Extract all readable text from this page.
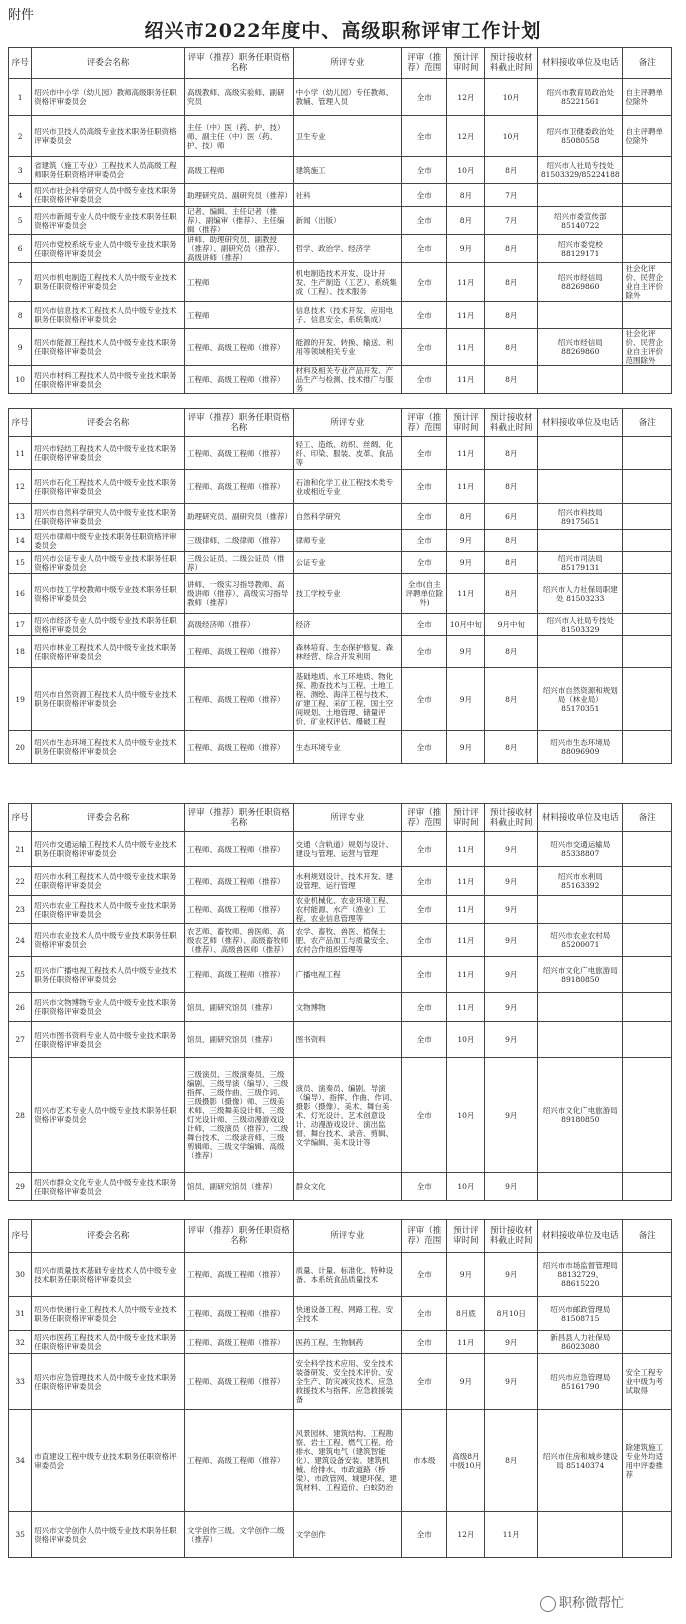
附件
绍兴市2022年度中、高级职称评审工作计划
序号	评委会名称	评审（推荐）职务任职资格名称	所评专业	评审（推荐）范围	预计评审时间	预计接收材料截止时间	材料接收单位及电话	备注
1	绍兴市中小学（幼儿园）教师高级职务任职资格评审委员会	高级教师、高级实验师、副研究员	中小学（幼儿园）专任教师、教辅、管理人员	全市	12月	10月	绍兴市教育局政治处 85221561	自主评聘单位除外
2	绍兴市卫技人员高级专业技术职务任职资格评审委员会	主任（中）医（药、护、技）师、副主任（中）医（药、护、技）师	卫生专业	全市	12月	10月	绍兴市卫健委政治处 85080558	自主评聘单位除外
3	省建筑（施工专业）工程技术人员高级工程师职务任职资格评审委员会	高级工程师	建筑施工	全市	10月	8月	绍兴市人社局专技处 81503329/85224188	
4	绍兴市社会科学研究人员中级专业技术职务任职资格评审委员会	助理研究员、副研究员（推荐）	社科	全市	8月	7月		
5	绍兴市新闻专业人员中级专业技术职务任职资格评审委员会	记者、编辑、主任记者（推荐）、副编审（推荐）、主任编辑（推荐）	新闻（出版）	全市	8月	7月	绍兴市委宣传部 85140722	
6	绍兴市党校系统专业人员中级专业技术职务任职资格评审委员会	讲师、助理研究员、副教授（推荐）、副研究员（推荐）、高级讲师（推荐）	哲学、政治学、经济学	全市	9月	8月	绍兴市委党校 88129171	
7	绍兴市机电制造工程技术人员中级专业技术职务任职资格评审委员会	工程师	机电制造技术开发、设计开发、生产制造（工艺）、系统集成（工程）、技术服务	全市	11月	8月	绍兴市经信局 88269860	社会化评价、民营企业自主评价除外
8	绍兴市信息技术工程技术人员中级专业技术职务任职资格评审委员会	工程师	信息技术（技术开发、应用电子、信息安全、系统集成）	全市	11月	8月		
9	绍兴市能源工程技术人员中级专业技术职务任职资格评审委员会	工程师、高级工程师（推荐）	能源的开发、转换、输送、利用等领域相关专业	全市	11月	8月	绍兴市经信局 88269860	社会化评价、民营企业自主评价范围除外
10	绍兴市材料工程技术人员中级专业技术职务任职资格评审委员会	工程师、高级工程师（推荐）	材料及相关专业产品开发、产品生产与检测、技术推广与服务	全市	11月	8月		
序号	评委会名称	评审（推荐）职务任职资格名称	所评专业	评审（推荐）范围	预计评审时间	预计接收材料截止时间	材料接收单位及电话	备注
11	绍兴市轻纺工程技术人员中级专业技术职务任职资格评审委员会	工程师、高级工程师（推荐）	轻工、造纸、纺织、丝绸、化纤、印染、服装、皮革、食品等	全市	11月	8月		
12	绍兴市石化工程技术人员中级专业技术职务任职资格评审委员会	工程师、高级工程师（推荐）	石油和化学工业工程技术类专业或相近专业	全市	11月	8月		
13	绍兴市自然科学研究人员中级专业技术职务任职资格评审委员会	助理研究员、副研究员（推荐）	自然科学研究	全市	8月	6月	绍兴市科技局 89175651	
14	绍兴市律师中级专业技术职务任职资格评审委员会	三级律师、二级律师（推荐）	律师专业	全市	9月	8月		
15	绍兴市公证专业人员中级专业技术职务任职资格评审委员会	三级公证员、二级公证员（推荐）	公证专业	全市	9月	8月	绍兴市司法局 85179131	
16	绍兴市技工学校教师中级专业技术职务任职资格评审委员会	讲师、一级实习指导教师、高级讲师（推荐）、高级实习指导教师（推荐）	技工学校专业	全市(自主评聘单位除外)	11月	8月	绍兴市人力社保局职建处 81503233	
17	绍兴市经济专业人员中级专业技术职务任职资格评审委员会	高级经济师（推荐）	经济	全市	10月中旬	9月中旬	绍兴市人社局专技处 81503329	
18	绍兴市林业工程技术人员中级专业技术职务任职资格评审委员会	工程师、高级工程师（推荐）	森林培育、生态保护修复、森林经营、综合开发利用	全市	9月	8月		
19	绍兴市自然资源工程技术人员中级专业技术职务任职资格评审委员会	工程师、高级工程师（推荐）	基础地质、水工环地质、物化探、勘查技术与工程、土地工程、测绘、海洋工程与技术、矿建工程、采矿工程、国土空间规划、土地管理、储量评价、矿业权评估、爆破工程	全市	9月	8月	绍兴市自然资源和规划局（林业局）85170351	
20	绍兴市生态环境工程技术人员中级专业技术职务任职资格评审委员会	工程师、高级工程师（推荐）	生态环境专业	全市	9月	8月	绍兴市生态环境局 88096909	
序号	评委会名称	评审（推荐）职务任职资格名称	所评专业	评审（推荐）范围	预计评审时间	预计接收材料截止时间	材料接收单位及电话	备注
21	绍兴市交通运输工程技术人员中级专业技术职务任职资格评审委员会	工程师、高级工程师（推荐）	交通（含轨道）规划与设计、建设与管理、运营与管理	全市	11月	9月	绍兴市交通运输局 85338807	
22	绍兴市水利工程技术人员中级专业技术职务任职资格评审委员会	工程师、高级工程师（推荐）	水利规划设计、技术开发、建设管理、运行管理	全市	11月	9月	绍兴市水利局 85163392	
23	绍兴市农业工程技术人员中级专业技术职务任职资格评审委员会	工程师、高级工程师（推荐）	农业机械化、农业环境工程、农村能源、水产（渔业）工程、农业信息管理等	全市	11月	9月		
24	绍兴市农业技术人员中级专业技术职务任职资格评审委员会	农艺师、畜牧师、兽医师、高级农艺师（推荐）、高级畜牧师（推荐）、高级兽医师（推荐）	农学、畜牧、兽医、植保土肥、农产品加工与质量安全、农村合作组织管理等	全市	11月	9月	绍兴市农业农村局 85200071	
25	绍兴市广播电视工程技术人员中级专业技术职务任职资格评审委员会	工程师、高级工程师（推荐）	广播电视工程	全市	11月	9月	绍兴市文化广电旅游局 89180850	
26	绍兴市文物博物专业人员中级专业技术职务任职资格评审委员会	馆员、副研究馆员（推荐）	文物博物	全市	11月	9月		
27	绍兴市图书资料专业人员中级专业技术职务任职资格评审委员会	馆员、副研究馆员（推荐）	图书资料	全市	10月	9月		
28	绍兴市艺术专业人员中级专业技术职务任职资格评审委员会	三级演员、三级演奏员、三级编剧、三级导演（编导）、三级指挥、三级作曲、三级作词、三级摄影（摄像）师、三级美术师、三级舞美设计师、三级灯光设计师、三级动漫游戏设计师、二级演员（推荐）、二级舞台技术、二级录音师、三级剪辑师、三级文学编辑、高级（推荐）	演员、演奏员、编剧、导演（编导）、指挥、作曲、作词、摄影（摄像）、美术、舞台美术、灯光设计、艺术创意设计、动漫游戏设计、演出监督、舞台技术、录音、剪辑、文学编辑、美术设计等	全市	10月	9月	绍兴市文化广电旅游局 89180850	
29	绍兴市群众文化专业人员中级专业技术职务任职资格评审委员会	馆员、副研究馆员（推荐）	群众文化	全市	10月	9月		
序号	评委会名称	评审（推荐）职务任职资格名称	所评专业	评审（推荐）范围	预计评审时间	预计接收材料截止时间	材料接收单位及电话	备注
30	绍兴市质量技术基础专业技术人员中级专业技术职务任职资格评审委员会	工程师、高级工程师（推荐）	质量、计量、标准化、特种设备、本系统食品质量技术	全市	9月	9月	绍兴市市场监督管理局 88132729、88615220	
31	绍兴市快递行业工程技术人员中级专业技术职务任职资格评审委员会	工程师、高级工程师（推荐）	快递设备工程、网路工程、安全技术	全市	8月底	8月10日	绍兴市邮政管理局 81508715	
32	绍兴市医药工程技术人员中级专业技术职务任职资格评审委员会	工程师、高级工程师（推荐）	医药工程、生物制药	全市	11月	9月	新昌县人力社保局 86023080	
33	绍兴市应急管理技术人员中级专业技术职务任职资格评审委员会	工程师、高级工程师（推荐）	安全科学技术应用、安全技术装备研发、安全技术评价、安全生产、防灾减灾技术、应急救援技术与指挥、应急救援装备	全市	9月	9月	绍兴市应急管理局 85161790	安全工程专业中级为考试取得
34	市直建设工程中级专业技术职务任职资格评审委员会	工程师、高级工程师（推荐）	风景园林、建筑结构、工程勘察、岩土工程、燃气工程、给排水、建筑电气（建筑智能化）、建筑设备安装、建筑机械、给排水、市政道路（桥梁）、市政管网、城建环保、建筑材料、工程造价、白蚁防治	市本级	高级8月 中级10月	8月	绍兴市住房和城乡建设局 85140374	除建筑施工专业外均适用中评委推荐
35	绍兴市文学创作人员中级专业技术职务任职资格评审委员会	文学创作三级、文学创作二级（推荐）	文学创作	全市	12月	11月		
职称微帮忙
